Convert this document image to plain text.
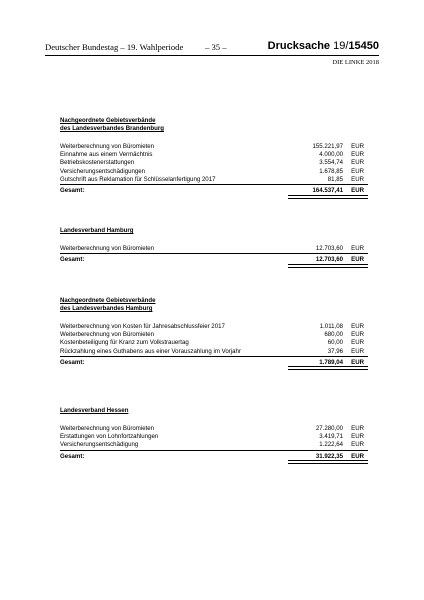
Deutscher Bundestag – 19. Wahlperiode	– 35 –	Drucksache 19/15450
DIE LINKE 2018
Nachgeordnete Gebietsverbände
des Landesverbandes Brandenburg
Weiterberechnung von Büromieten	155.221,97 EUR
Einnahme aus einem Vermächtnis	4.000,00 EUR
Betriebskostenerstattungen	3.554,74 EUR
Versicherungsentschädigungen	1.678,85 EUR
Gutschrift aus Reklamation für Schlüsselanfertigung 2017	81,85 EUR
Gesamt:	164.537,41 EUR
Landesverband Hamburg
Weiterberechnung von Büromieten	12.703,60 EUR
Gesamt:	12.703,60 EUR
Nachgeordnete Gebietsverbände
des Landesverbandes Hamburg
Weiterberechnung von Kosten für Jahresabschlussfeier 2017	1.011,08 EUR
Weiterberechnung von Büromieten	680,00 EUR
Kostenbeteiligung für Kranz zum Volkstrauertag	60,00 EUR
Rückzahlung eines Guthabens aus einer Vorauszahlung im Vorjahr	37,96 EUR
Gesamt:	1.789,04 EUR
Landesverband Hessen
Weiterberechnung von Büromieten	27.280,00 EUR
Erstattungen von Lohnfortzahlungen	3.419,71 EUR
Versicherungsentschädigung	1.222,64 EUR
Gesamt:	31.922,35 EUR
